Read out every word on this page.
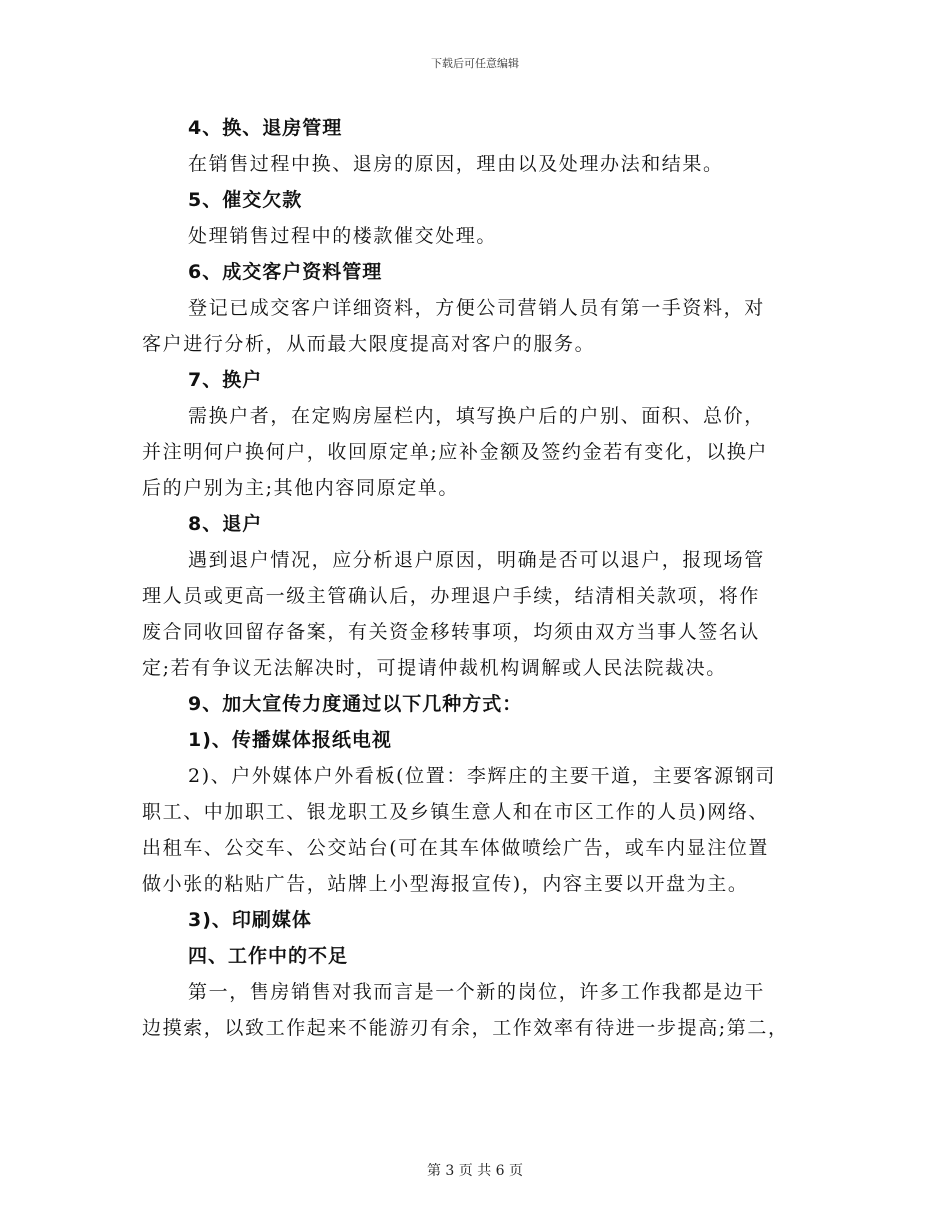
下载后可任意编辑
4、换、退房管理

在销售过程中换、退房的原因，理由以及处理办法和结果。

5、催交欠款

处理销售过程中的楼款催交处理。

6、成交客户资料管理

登记已成交客户详细资料，方便公司营销人员有第一手资料，对
客户进行分析，从而最大限度提高对客户的服务。

7、换户

需换户者，在定购房屋栏内，填写换户后的户别、面积、总价，
并注明何户换何户，收回原定单;应补金额及签约金若有变化，以换户
后的户别为主;其他内容同原定单。

8、退户

遇到退户情况，应分析退户原因，明确是否可以退户，报现场管
理人员或更高一级主管确认后，办理退户手续，结清相关款项，将作
废合同收回留存备案，有关资金移转事项，均须由双方当事人签名认
定;若有争议无法解决时，可提请仲裁机构调解或人民法院裁决。

9、加大宣传力度通过以下几种方式：
1)、传播媒体报纸电视

2)、户外媒体户外看板(位置：李辉庄的主要干道，主要客源钢司
职工、中加职工、银龙职工及乡镇生意人和在市区工作的人员)网络、
出租车、公交车、公交站台(可在其车体做喷绘广告，或车内显注位置
做小张的粘贴广告，站牌上小型海报宣传)，内容主要以开盘为主。

3)、印刷媒体
四、工作中的不足

第一，售房销售对我而言是一个新的岗位，许多工作我都是边干
边摸索，以致工作起来不能游刃有余，工作效率有待进一步提高;第二，

第 3 页 共 6 页
